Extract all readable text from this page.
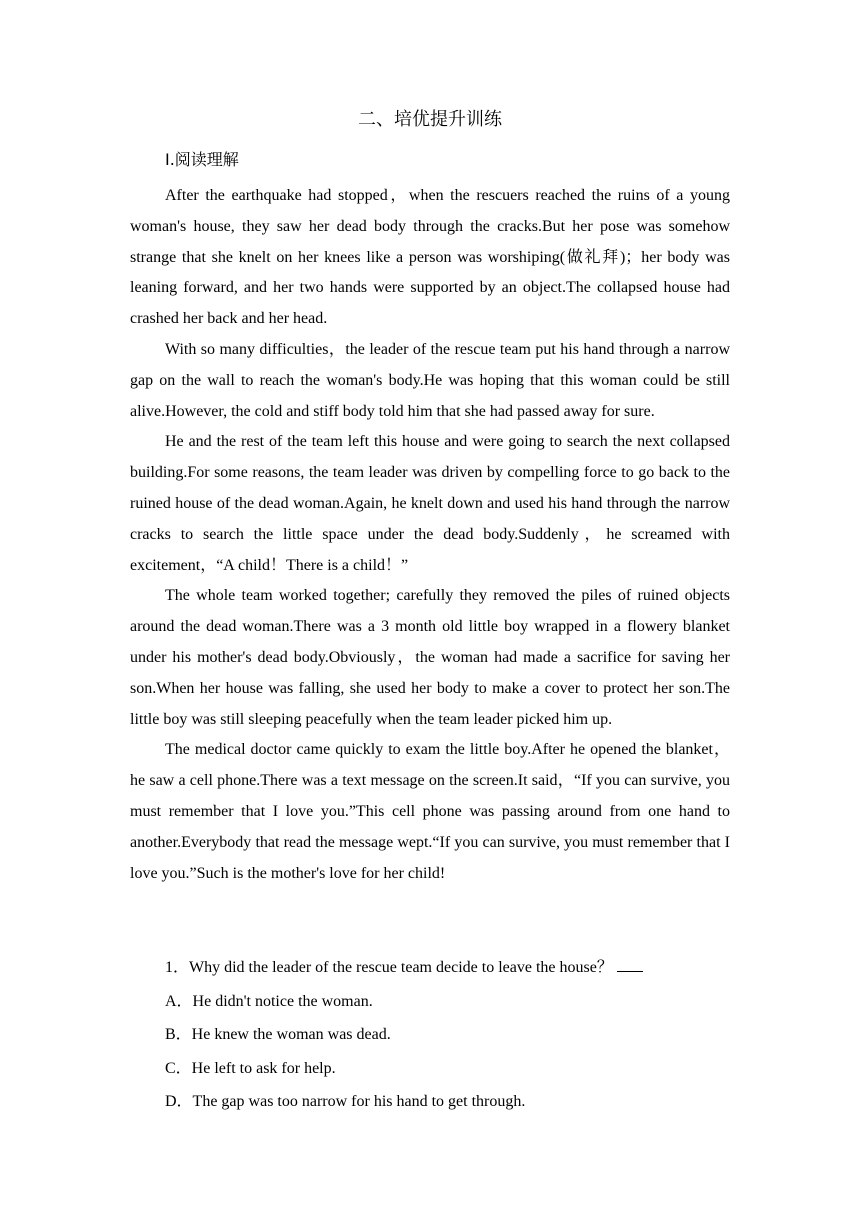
二、培优提升训练
Ⅰ.阅读理解

After the earthquake had stopped，when the rescuers reached the ruins of a young woman's house, they saw her dead body through the cracks.But her pose was somehow strange that she knelt on her knees like a person was worshiping(做礼拜)；her body was leaning forward, and her two hands were supported by an object.The collapsed house had crashed her back and her head.

With so many difficulties，the leader of the rescue team put his hand through a narrow gap on the wall to reach the woman's body.He was hoping that this woman could be still alive.However, the cold and stiff body told him that she had passed away for sure.

He and the rest of the team left this house and were going to search the next collapsed building.For some reasons, the team leader was driven by compelling force to go back to the ruined house of the dead woman.Again, he knelt down and used his hand through the narrow cracks to search the little space under the dead body.Suddenly，he screamed with excitement，“A child！There is a child！”

The whole team worked together; carefully they removed the piles of ruined objects around the dead woman.There was a 3 month old little boy wrapped in a flowery blanket under his mother's dead body.Obviously，the woman had made a sacrifice for saving her son.When her house was falling, she used her body to make a cover to protect her son.The little boy was still sleeping peacefully when the team leader picked him up.

The medical doctor came quickly to exam the little boy.After he opened the blanket，he saw a cell phone.There was a text message on the screen.It said，“If you can survive, you must remember that I love you.”This cell phone was passing around from one hand to another.Everybody that read the message wept.“If you can survive, you must remember that I love you.”Such is the mother's love for her child!

1．Why did the leader of the rescue team decide to leave the house？
A．He didn't notice the woman.
B．He knew the woman was dead.
C．He left to ask for help.
D．The gap was too narrow for his hand to get through.
